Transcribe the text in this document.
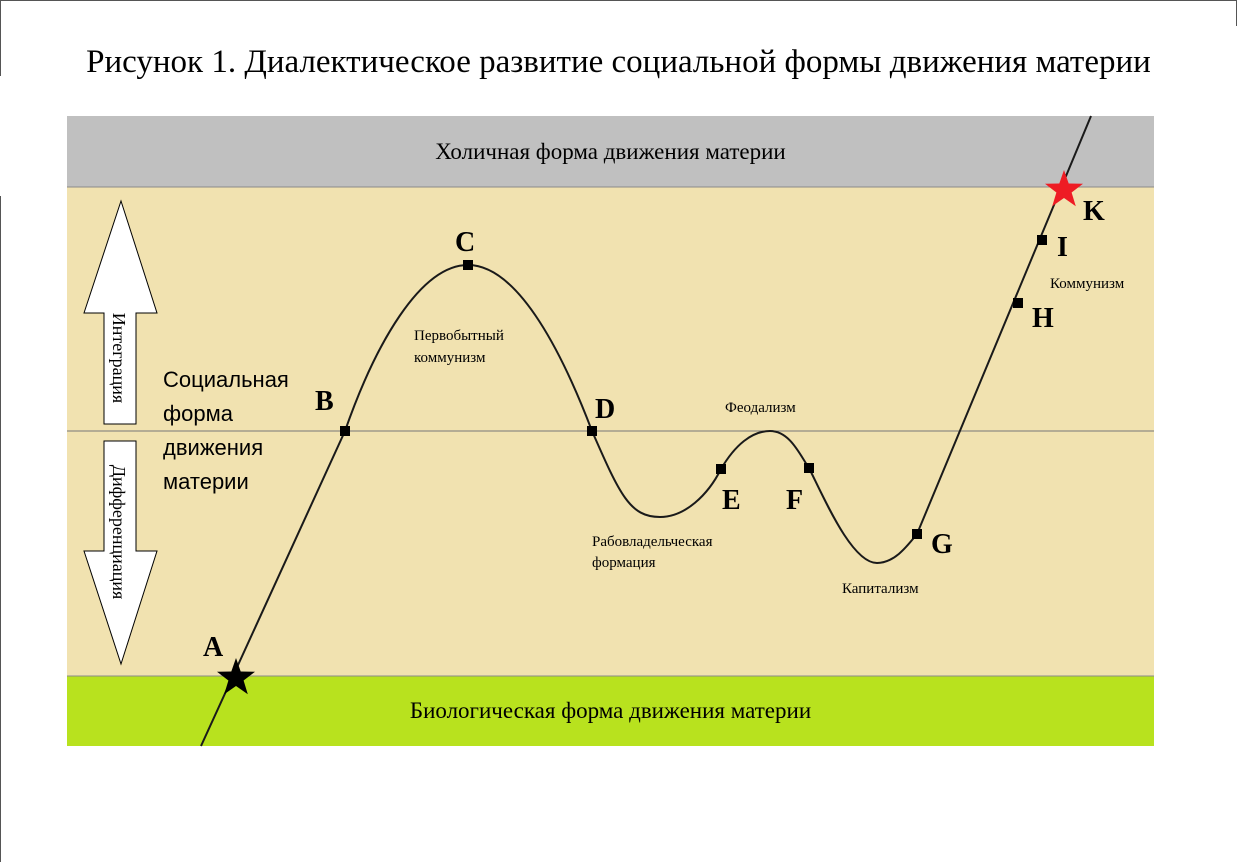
Рисунок 1. Диалектическое развитие социальной формы движения материи
Холичная форма движения материи
Биологическая форма движения материи
Социальная
форма
движения
материи
Интеграция
Дифференциация
A
B
C
D
E F
G
H
I
K
Первобытный коммунизм
Рабовладельческая формация
Феодализм
Капитализм
Коммунизм
